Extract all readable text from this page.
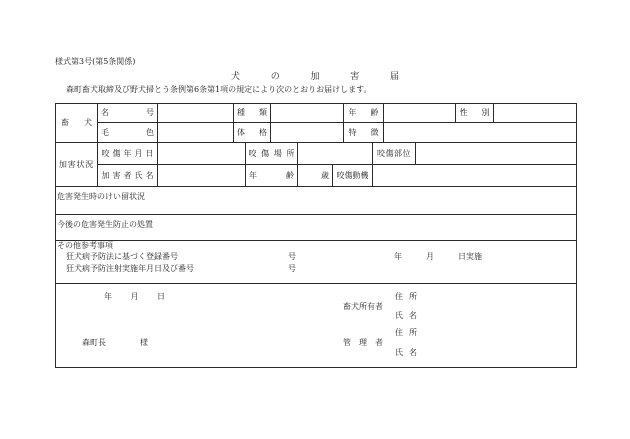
様式第3号(第5条関係)
犬	の	加	害	届
森町畜犬取締及び野犬掃とう条例第6条第1項の規定により次のとおりお届けします。
畜 犬
名	号	種 類	年 齢	性 別
毛	色	体 格	特 徴
加害状況
咬 傷 年 月 日	咬 傷 場 所	咬傷部位
加 害 者 氏 名	年	齢	歳 咬傷動機
危害発生時のけい留状況
今後の危害発生防止の処置
その他参考事項
狂犬病予防法に基づく登録番号	号	年	月	日実施
狂犬病予防注射実施年月日及び番号	号
年 月 日
森町長	様
住 所
畜犬所有者
氏 名
住 所
管 理 者
氏 名
